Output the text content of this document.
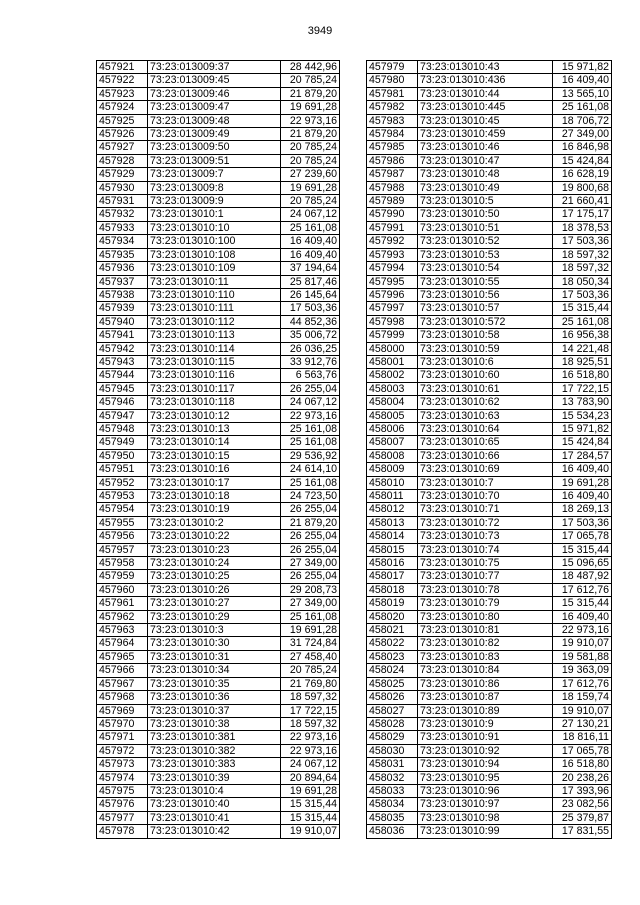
3949
457921	73:23:013009:37	28 442,96
457922	73:23:013009:45	20 785,24
457923	73:23:013009:46	21 879,20
457924	73:23:013009:47	19 691,28
457925	73:23:013009:48	22 973,16
457926	73:23:013009:49	21 879,20
457927	73:23:013009:50	20 785,24
457928	73:23:013009:51	20 785,24
457929	73:23:013009:7	27 239,60
457930	73:23:013009:8	19 691,28
457931	73:23:013009:9	20 785,24
457932	73:23:013010:1	24 067,12
457933	73:23:013010:10	25 161,08
457934	73:23:013010:100	16 409,40
457935	73:23:013010:108	16 409,40
457936	73:23:013010:109	37 194,64
457937	73:23:013010:11	25 817,46
457938	73:23:013010:110	26 145,64
457939	73:23:013010:111	17 503,36
457940	73:23:013010:112	44 852,36
457941	73:23:013010:113	35 006,72
457942	73:23:013010:114	26 036,25
457943	73:23:013010:115	33 912,76
457944	73:23:013010:116	6 563,76
457945	73:23:013010:117	26 255,04
457946	73:23:013010:118	24 067,12
457947	73:23:013010:12	22 973,16
457948	73:23:013010:13	25 161,08
457949	73:23:013010:14	25 161,08
457950	73:23:013010:15	29 536,92
457951	73:23:013010:16	24 614,10
457952	73:23:013010:17	25 161,08
457953	73:23:013010:18	24 723,50
457954	73:23:013010:19	26 255,04
457955	73:23:013010:2	21 879,20
457956	73:23:013010:22	26 255,04
457957	73:23:013010:23	26 255,04
457958	73:23:013010:24	27 349,00
457959	73:23:013010:25	26 255,04
457960	73:23:013010:26	29 208,73
457961	73:23:013010:27	27 349,00
457962	73:23:013010:29	25 161,08
457963	73:23:013010:3	19 691,28
457964	73:23:013010:30	31 724,84
457965	73:23:013010:31	27 458,40
457966	73:23:013010:34	20 785,24
457967	73:23:013010:35	21 769,80
457968	73:23:013010:36	18 597,32
457969	73:23:013010:37	17 722,15
457970	73:23:013010:38	18 597,32
457971	73:23:013010:381	22 973,16
457972	73:23:013010:382	22 973,16
457973	73:23:013010:383	24 067,12
457974	73:23:013010:39	20 894,64
457975	73:23:013010:4	19 691,28
457976	73:23:013010:40	15 315,44
457977	73:23:013010:41	15 315,44
457978	73:23:013010:42	19 910,07
457979	73:23:013010:43	15 971,82
457980	73:23:013010:436	16 409,40
457981	73:23:013010:44	13 565,10
457982	73:23:013010:445	25 161,08
457983	73:23:013010:45	18 706,72
457984	73:23:013010:459	27 349,00
457985	73:23:013010:46	16 846,98
457986	73:23:013010:47	15 424,84
457987	73:23:013010:48	16 628,19
457988	73:23:013010:49	19 800,68
457989	73:23:013010:5	21 660,41
457990	73:23:013010:50	17 175,17
457991	73:23:013010:51	18 378,53
457992	73:23:013010:52	17 503,36
457993	73:23:013010:53	18 597,32
457994	73:23:013010:54	18 597,32
457995	73:23:013010:55	18 050,34
457996	73:23:013010:56	17 503,36
457997	73:23:013010:57	15 315,44
457998	73:23:013010:572	25 161,08
457999	73:23:013010:58	16 956,38
458000	73:23:013010:59	14 221,48
458001	73:23:013010:6	18 925,51
458002	73:23:013010:60	16 518,80
458003	73:23:013010:61	17 722,15
458004	73:23:013010:62	13 783,90
458005	73:23:013010:63	15 534,23
458006	73:23:013010:64	15 971,82
458007	73:23:013010:65	15 424,84
458008	73:23:013010:66	17 284,57
458009	73:23:013010:69	16 409,40
458010	73:23:013010:7	19 691,28
458011	73:23:013010:70	16 409,40
458012	73:23:013010:71	18 269,13
458013	73:23:013010:72	17 503,36
458014	73:23:013010:73	17 065,78
458015	73:23:013010:74	15 315,44
458016	73:23:013010:75	15 096,65
458017	73:23:013010:77	18 487,92
458018	73:23:013010:78	17 612,76
458019	73:23:013010:79	15 315,44
458020	73:23:013010:80	16 409,40
458021	73:23:013010:81	22 973,16
458022	73:23:013010:82	19 910,07
458023	73:23:013010:83	19 581,88
458024	73:23:013010:84	19 363,09
458025	73:23:013010:86	17 612,76
458026	73:23:013010:87	18 159,74
458027	73:23:013010:89	19 910,07
458028	73:23:013010:9	27 130,21
458029	73:23:013010:91	18 816,11
458030	73:23:013010:92	17 065,78
458031	73:23:013010:94	16 518,80
458032	73:23:013010:95	20 238,26
458033	73:23:013010:96	17 393,96
458034	73:23:013010:97	23 082,56
458035	73:23:013010:98	25 379,87
458036	73:23:013010:99	17 831,55
